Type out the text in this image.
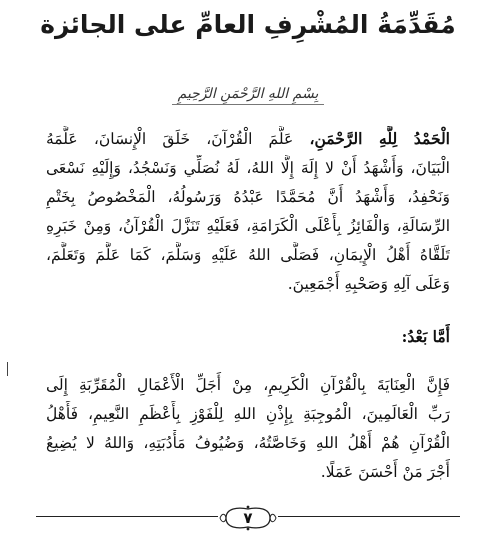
مُقَدِّمَةُ المُشْرِفِ العامِّ على الجائزة
بِسْمِ اللهِ الرَّحْمَنِ الرَّحِيمِ
الْحَمْدُ لِلَّهِ الرَّحْمَنِ، عَلَّمَ الْقُرْآنَ، خَلَقَ الْإِنسَانَ، عَلَّمَهُ
الْبَيَانَ، وَأَشْهَدُ أَنْ لا إِلَهَ إِلَّا اللهُ، لَهُ نُصَلِّي وَنَسْجُدُ، وَإِلَيْهِ نَسْعَى
وَنَحْفِدُ، وَأَشْهَدُ أَنَّ مُحَمَّدًا عَبْدُهُ وَرَسُولُهُ، الْمَخْصُوصُ بِخَتْمِ
الرِّسَالَةِ، وَالْفَائِزُ بِأَعْلَى الْكَرَامَةِ، فَعَلَيْهِ تَنَزَّلَ الْقُرْآنُ، وَمِنْ خَبَرِهِ
تَلَقَّاهُ أَهْلُ الْإِيمَانِ، فَصَلَّى اللهُ عَلَيْهِ وَسَلَّمَ، كَمَا عَلَّمَ وَتَعَلَّمَ،
وَعَلَى آلِهِ وَصَحْبِهِ أَجْمَعِينَ.
أَمَّا بَعْدُ:
فَإِنَّ الْعِنَايَةَ بِالْقُرْآنِ الْكَرِيمِ، مِنْ أَجَلِّ الْأَعْمَالِ الْمُقَرِّبَةِ إِلَى
رَبِّ الْعَالَمِينَ، الْمُوجِبَةِ بِإِذْنِ اللهِ لِلْفَوْزِ بِأَعْظَمِ النَّعِيمِ، فَأَهْلُ
الْقُرْآنِ هُمْ أَهْلُ اللهِ وَخَاصَّتُهُ، وَضُيُوفُ مَأْدُبَتِهِ، وَاللهُ لا يُضِيعُ
أَجْرَ مَنْ أَحْسَنَ عَمَلًا.
٧
